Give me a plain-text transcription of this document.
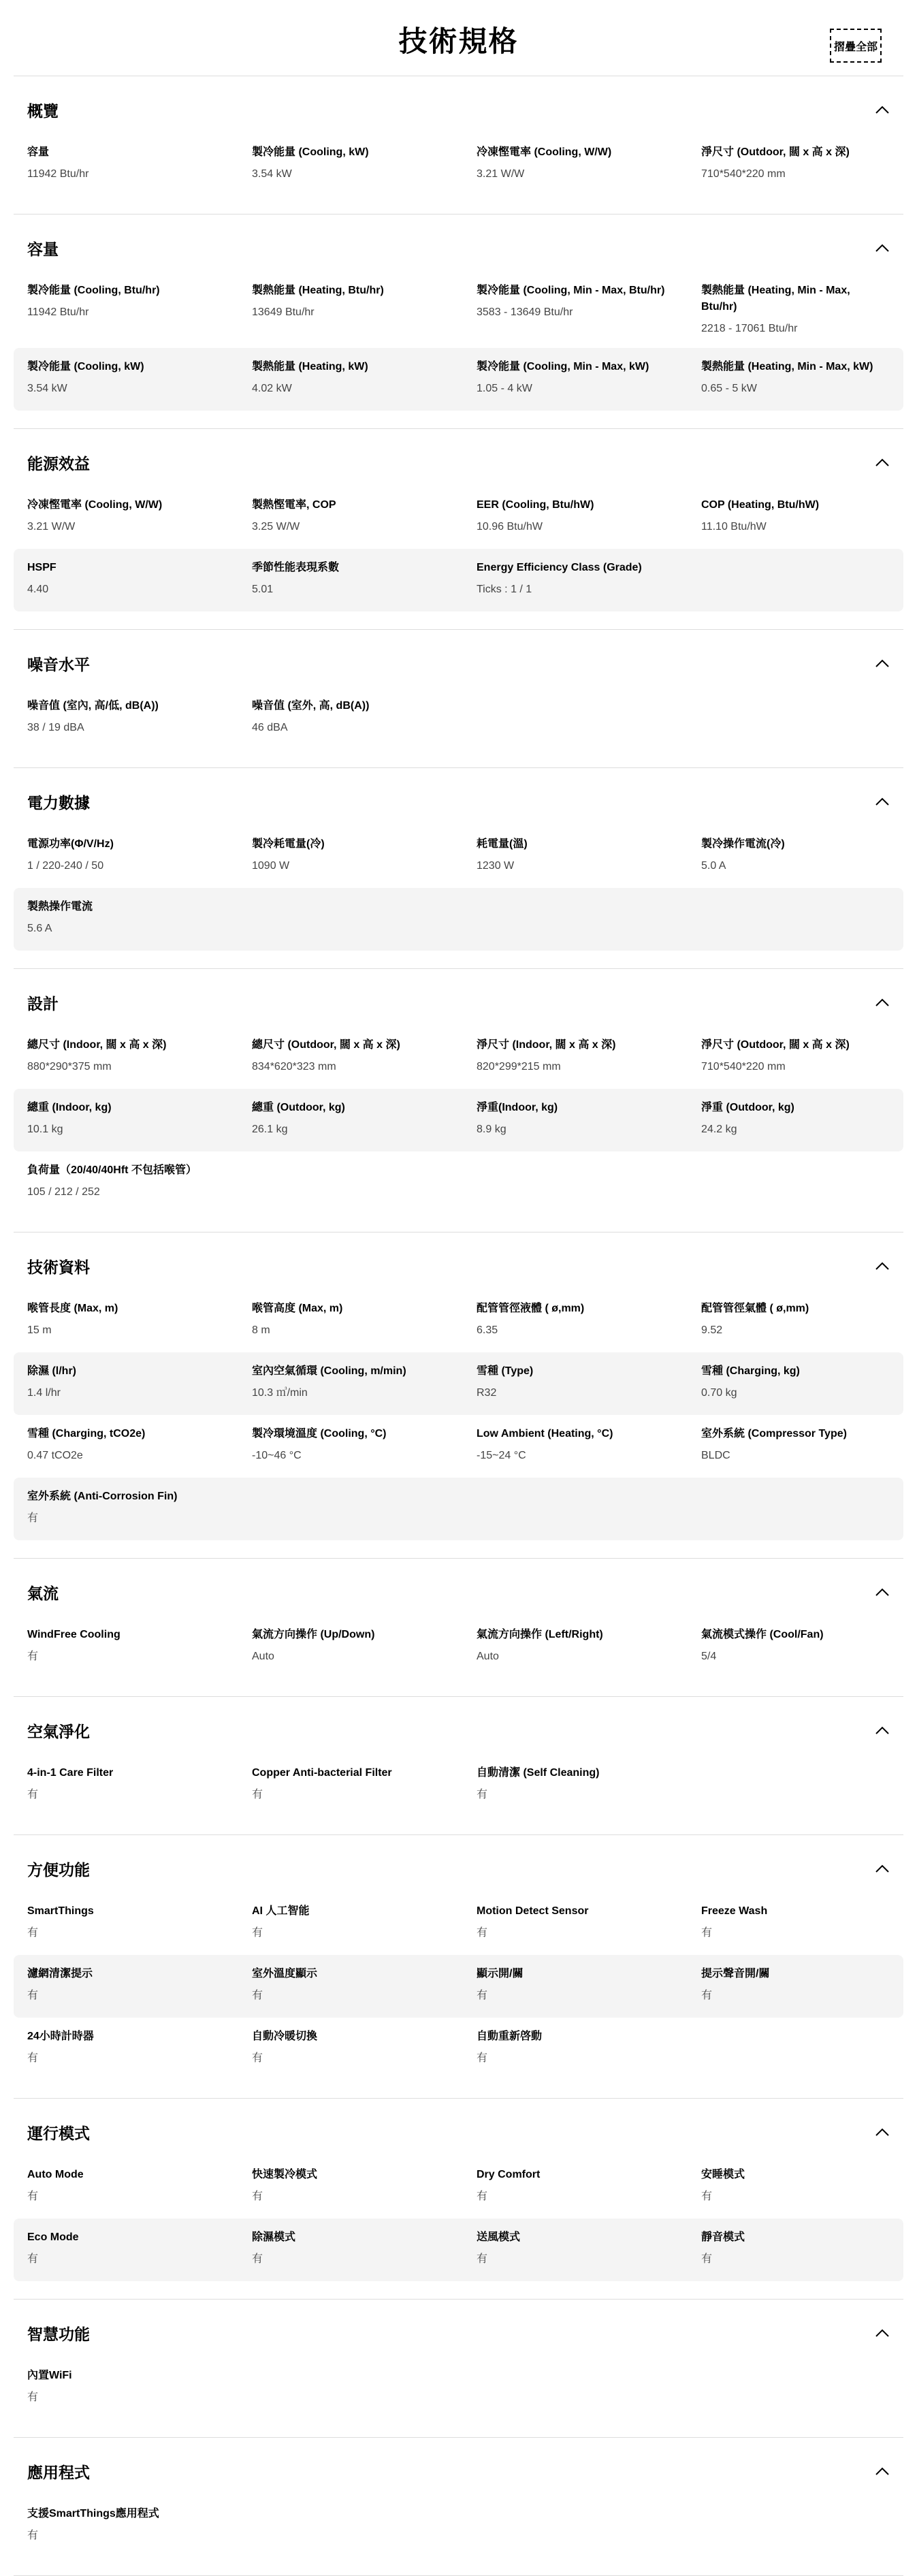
技術規格	摺疊全部
概覽
容量
11942 Btu/hr
製冷能量 (Cooling, kW)
3.54 kW
冷凍慳電率 (Cooling, W/W)
3.21 W/W
淨尺寸 (Outdoor, 闊 x 高 x 深)
710*540*220 mm
容量
製冷能量 (Cooling, Btu/hr)
11942 Btu/hr
製熱能量 (Heating, Btu/hr)
13649 Btu/hr
製冷能量 (Cooling, Min - Max, Btu/hr)
3583 - 13649 Btu/hr
製熱能量 (Heating, Min - Max, Btu/hr)
2218 - 17061 Btu/hr
製冷能量 (Cooling, kW)
3.54 kW
製熱能量 (Heating, kW)
4.02 kW
製冷能量 (Cooling, Min - Max, kW)
1.05 - 4 kW
製熱能量 (Heating, Min - Max, kW)
0.65 - 5 kW
能源效益
冷凍慳電率 (Cooling, W/W)
3.21 W/W
製熱慳電率, COP
3.25 W/W
EER (Cooling, Btu/hW)
10.96 Btu/hW
COP (Heating, Btu/hW)
11.10 Btu/hW
HSPF
4.40
季節性能表現系數
5.01
Energy Efficiency Class (Grade)
Ticks : 1 / 1
噪音水平
噪音值 (室內, 高/低, dB(A))
38 / 19 dBA
噪音值 (室外, 高, dB(A))
46 dBA
電力數據
電源功率(Φ/V/Hz)
1 / 220-240 / 50
製冷耗電量(冷)
1090 W
耗電量(溫)
1230 W
製冷操作電流(冷)
5.0 A
製熱操作電流
5.6 A
設計
總尺寸 (Indoor, 闊 x 高 x 深)
880*290*375 mm
總尺寸 (Outdoor, 闊 x 高 x 深)
834*620*323 mm
淨尺寸 (Indoor, 闊 x 高 x 深)
820*299*215 mm
淨尺寸 (Outdoor, 闊 x 高 x 深)
710*540*220 mm
總重 (Indoor, kg)
10.1 kg
總重 (Outdoor, kg)
26.1 kg
淨重(Indoor, kg)
8.9 kg
淨重 (Outdoor, kg)
24.2 kg
負荷量（20/40/40Hft 不包括喉管）
105 / 212 / 252
技術資料
喉管長度 (Max, m)
15 m
喉管高度 (Max, m)
8 m
配管管徑液體 ( ø,mm)
6.35
配管管徑氣體 ( ø,mm)
9.52
除濕 (l/hr)
1.4 l/hr
室內空氣循環 (Cooling, m/min)
10.3 ㎥/min
雪種 (Type)
R32
雪種 (Charging, kg)
0.70 kg
雪種 (Charging, tCO2e)
0.47 tCO2e
製冷環境溫度 (Cooling, °C)
-10~46 °C
Low Ambient (Heating, °C)
-15~24 °C
室外系統 (Compressor Type)
BLDC
室外系統 (Anti-Corrosion Fin)
有
氣流
WindFree Cooling
有
氣流方向操作 (Up/Down)
Auto
氣流方向操作 (Left/Right)
Auto
氣流模式操作 (Cool/Fan)
5/4
空氣淨化
4-in-1 Care Filter
有
Copper Anti-bacterial Filter
有
自動清潔 (Self Cleaning)
有
方便功能
SmartThings
有
AI 人工智能
有
Motion Detect Sensor
有
Freeze Wash
有
濾網清潔提示
有
室外溫度顯示
有
顯示開/關
有
提示聲音開/關
有
24小時計時器
有
自動冷暖切換
有
自動重新啓動
有
運行模式
Auto Mode
有
快速製冷模式
有
Dry Comfort
有
安睡模式
有
Eco Mode
有
除濕模式
有
送風模式
有
靜音模式
有
智慧功能
內置WiFi
有
應用程式
支援SmartThings應用程式
有
